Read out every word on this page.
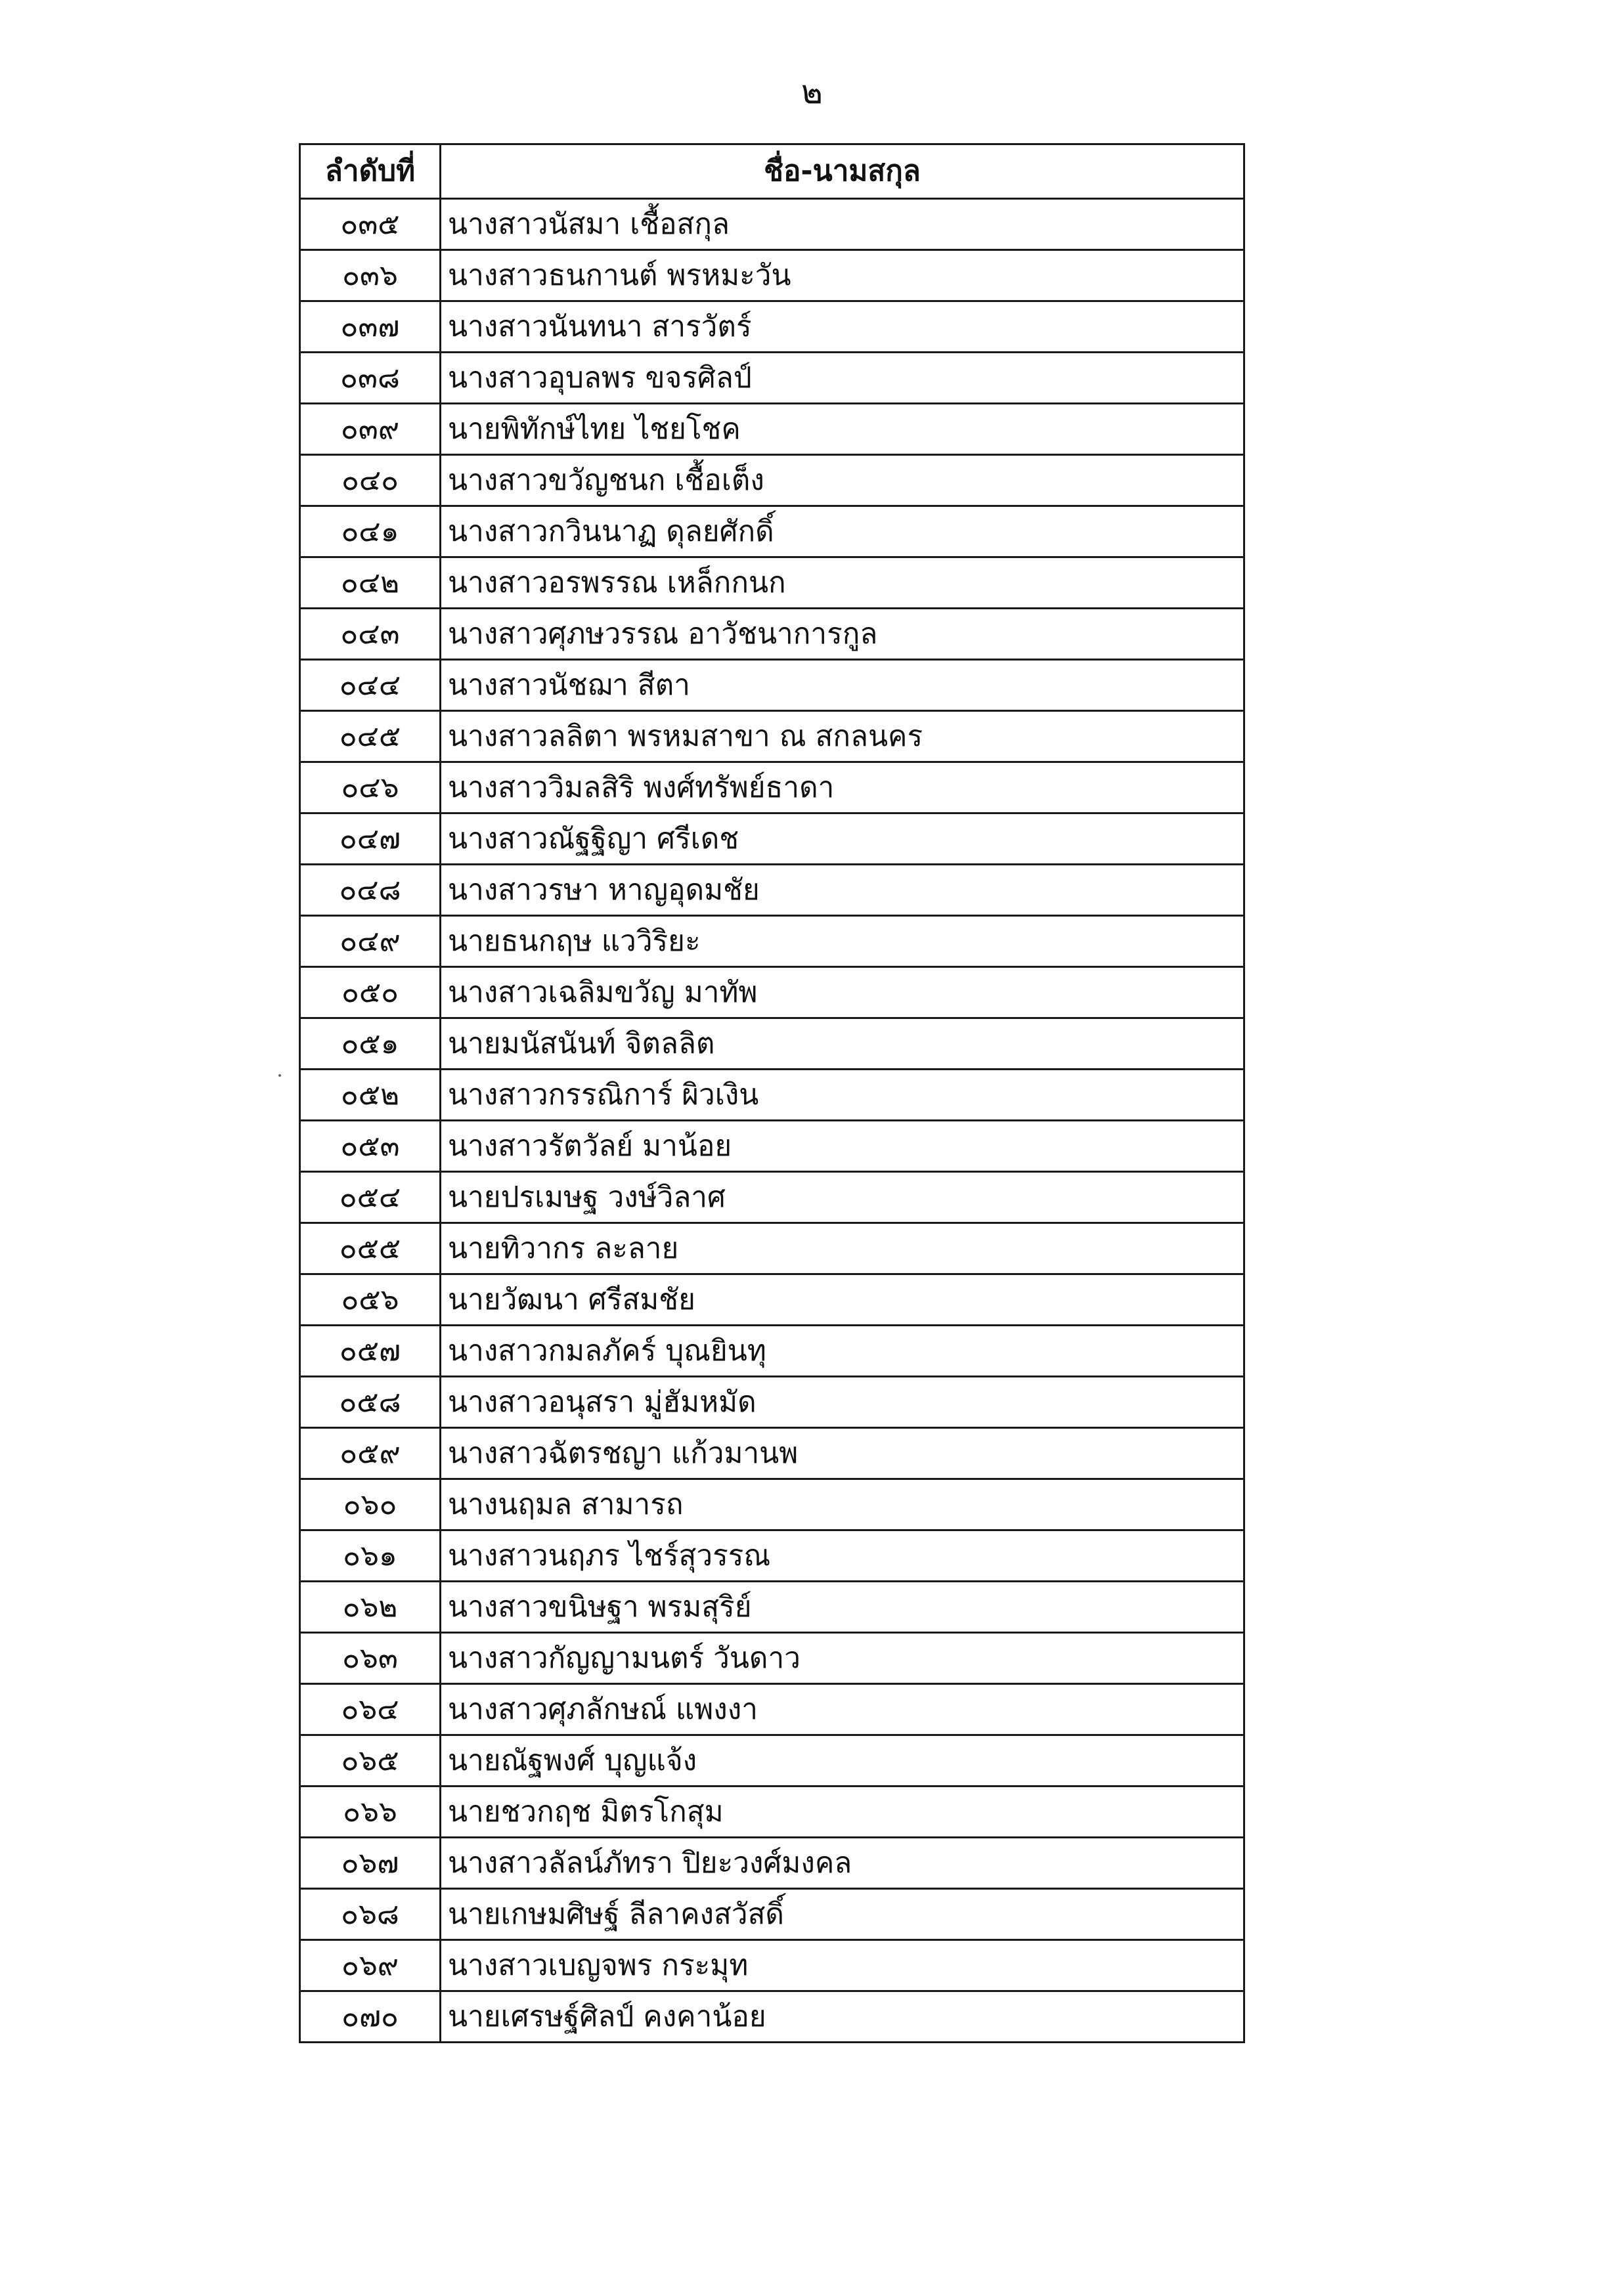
๒
ลำดับที่	ชื่อ-นามสกุล
๐๓๕	นางสาวนัสมา เชื้อสกุล
๐๓๖	นางสาวธนกานต์ พรหมะวัน
๐๓๗	นางสาวนันทนา สารวัตร์
๐๓๘	นางสาวอุบลพร ขจรศิลป์
๐๓๙	นายพิทักษ์ไทย ไชยโชค
๐๔๐	นางสาวขวัญชนก เชื้อเต็ง
๐๔๑	นางสาวกวินนาฏ ดุลยศักดิ์
๐๔๒	นางสาวอรพรรณ เหล็กกนก
๐๔๓	นางสาวศุภษวรรณ อาวัชนาการกูล
๐๔๔	นางสาวนัชฌา สีตา
๐๔๕	นางสาวลลิตา พรหมสาขา ณ สกลนคร
๐๔๖	นางสาววิมลสิริ พงศ์ทรัพย์ธาดา
๐๔๗	นางสาวณัฐฐิญา ศรีเดช
๐๔๘	นางสาวรษา หาญอุดมชัย
๐๔๙	นายธนกฤษ แววิริยะ
๐๕๐	นางสาวเฉลิมขวัญ มาทัพ
๐๕๑	นายมนัสนันท์ จิตลลิต
๐๕๒	นางสาวกรรณิการ์ ผิวเงิน
๐๕๓	นางสาวรัตวัลย์ มาน้อย
๐๕๔	นายปรเมษฐ วงษ์วิลาศ
๐๕๕	นายทิวากร ละลาย
๐๕๖	นายวัฒนา ศรีสมชัย
๐๕๗	นางสาวกมลภัคร์ บุณยินทุ
๐๕๘	นางสาวอนุสรา มู่ฮัมหมัด
๐๕๙	นางสาวฉัตรชญา แก้วมานพ
๐๖๐	นางนฤมล สามารถ
๐๖๑	นางสาวนฤภร ไชร์สุวรรณ
๐๖๒	นางสาวขนิษฐา พรมสุริย์
๐๖๓	นางสาวกัญญามนตร์ วันดาว
๐๖๔	นางสาวศุภลักษณ์ แพงงา
๐๖๕	นายณัฐพงศ์ บุญแจ้ง
๐๖๖	นายชวกฤช มิตรโกสุม
๐๖๗	นางสาวลัลน์ภัทรา ปิยะวงศ์มงคล
๐๖๘	นายเกษมศิษฐ์ ลีลาคงสวัสดิ์
๐๖๙	นางสาวเบญจพร กระมุท
๐๗๐	นายเศรษฐ์ศิลป์ คงคาน้อย
